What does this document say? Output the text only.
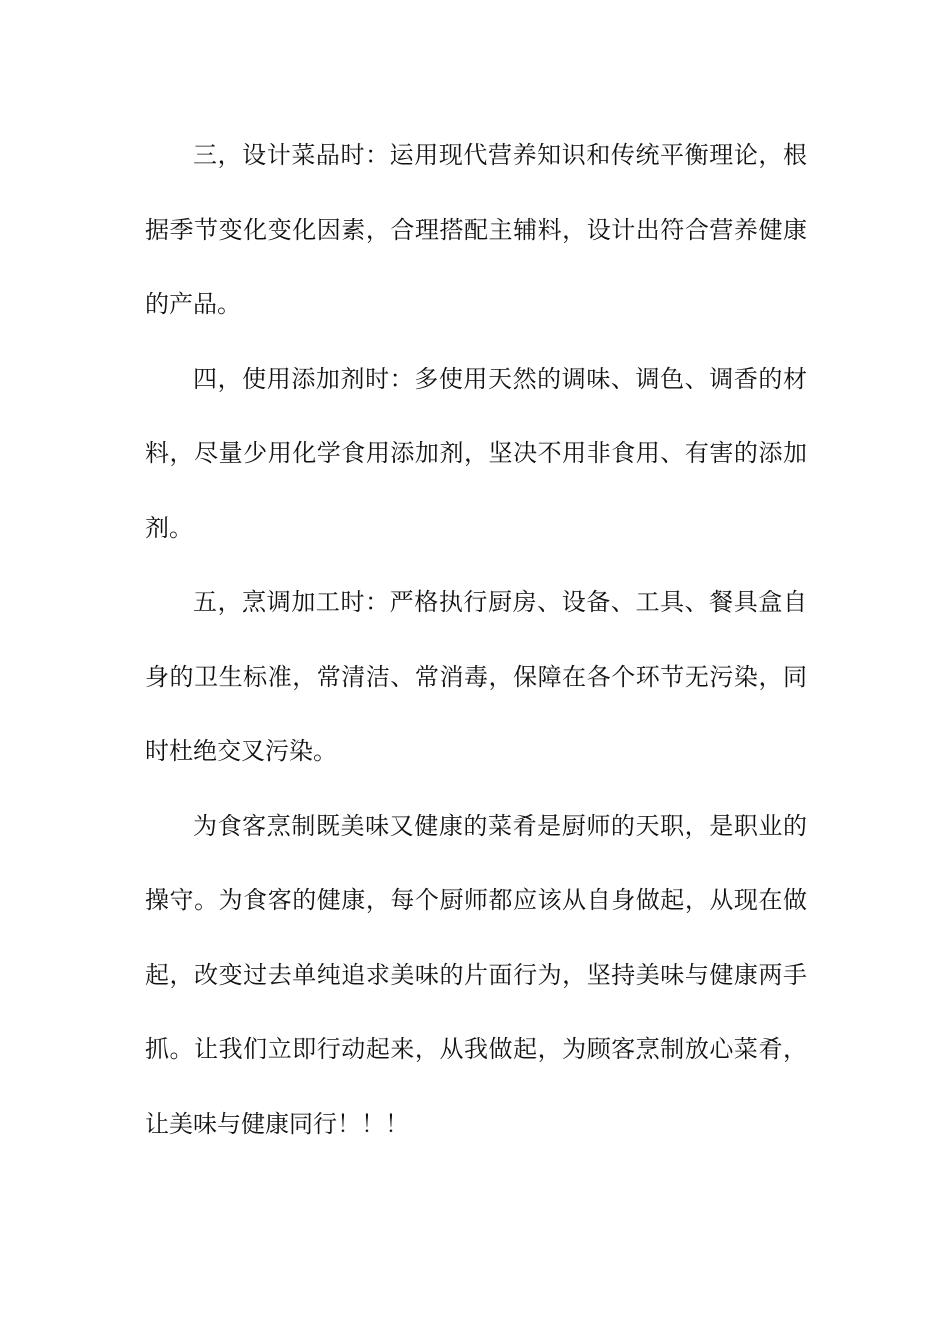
三，设计菜品时：运用现代营养知识和传统平衡理论，根据季节变化变化因素，合理搭配主辅料，设计出符合营养健康的产品。

四，使用添加剂时：多使用天然的调味、调色、调香的材料，尽量少用化学食用添加剂，坚决不用非食用、有害的添加剂。

五，烹调加工时：严格执行厨房、设备、工具、餐具盒自身的卫生标准，常清洁、常消毒，保障在各个环节无污染，同时杜绝交叉污染。

为食客烹制既美味又健康的菜肴是厨师的天职，是职业的操守。为食客的健康，每个厨师都应该从自身做起，从现在做起，改变过去单纯追求美味的片面行为，坚持美味与健康两手抓。让我们立即行动起来，从我做起，为顾客烹制放心菜肴，让美味与健康同行！！！
